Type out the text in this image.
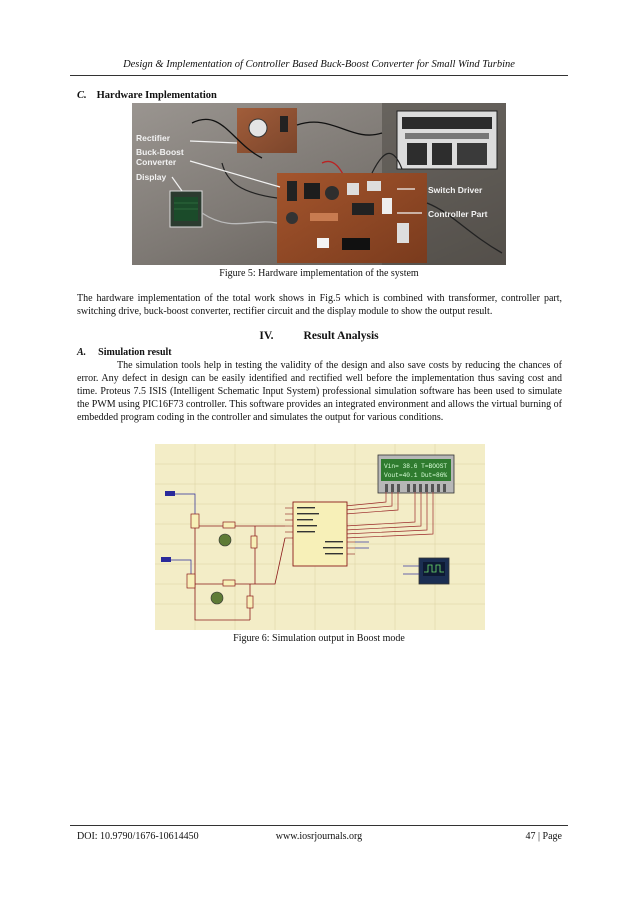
Design & Implementation of Controller Based Buck-Boost Converter for Small Wind Turbine
C. Hardware Implementation
Rectifier
Buck-Boost
Converter
Display
Switch Driver
Controller Part
Figure 5: Hardware implementation of the system
The hardware implementation of the total work shows in Fig.5 which is combined with transformer, controller part, switching drive, buck-boost converter, rectifier circuit and the display module to show the output result.
IV.	Result Analysis
A. Simulation result
The simulation tools help in testing the validity of the design and also save costs by reducing the chances of error. Any defect in design can be easily identified and rectified well before the implementation thus saving cost and time. Proteus 7.5 ISIS (Intelligent Schematic Input System) professional simulation software has been used to simulate the PWM using PIC16F73 controller. This software provides an integrated environment and allows the virtual burning of embedded program coding in the controller and simulates the output for various conditions.
Vin= 38.6 T=BOOST
Vout=40.1 Dut=86%
Figure 6: Simulation output in Boost mode
DOI: 10.9790/1676-10614450	www.iosrjournals.org	47 | Page
